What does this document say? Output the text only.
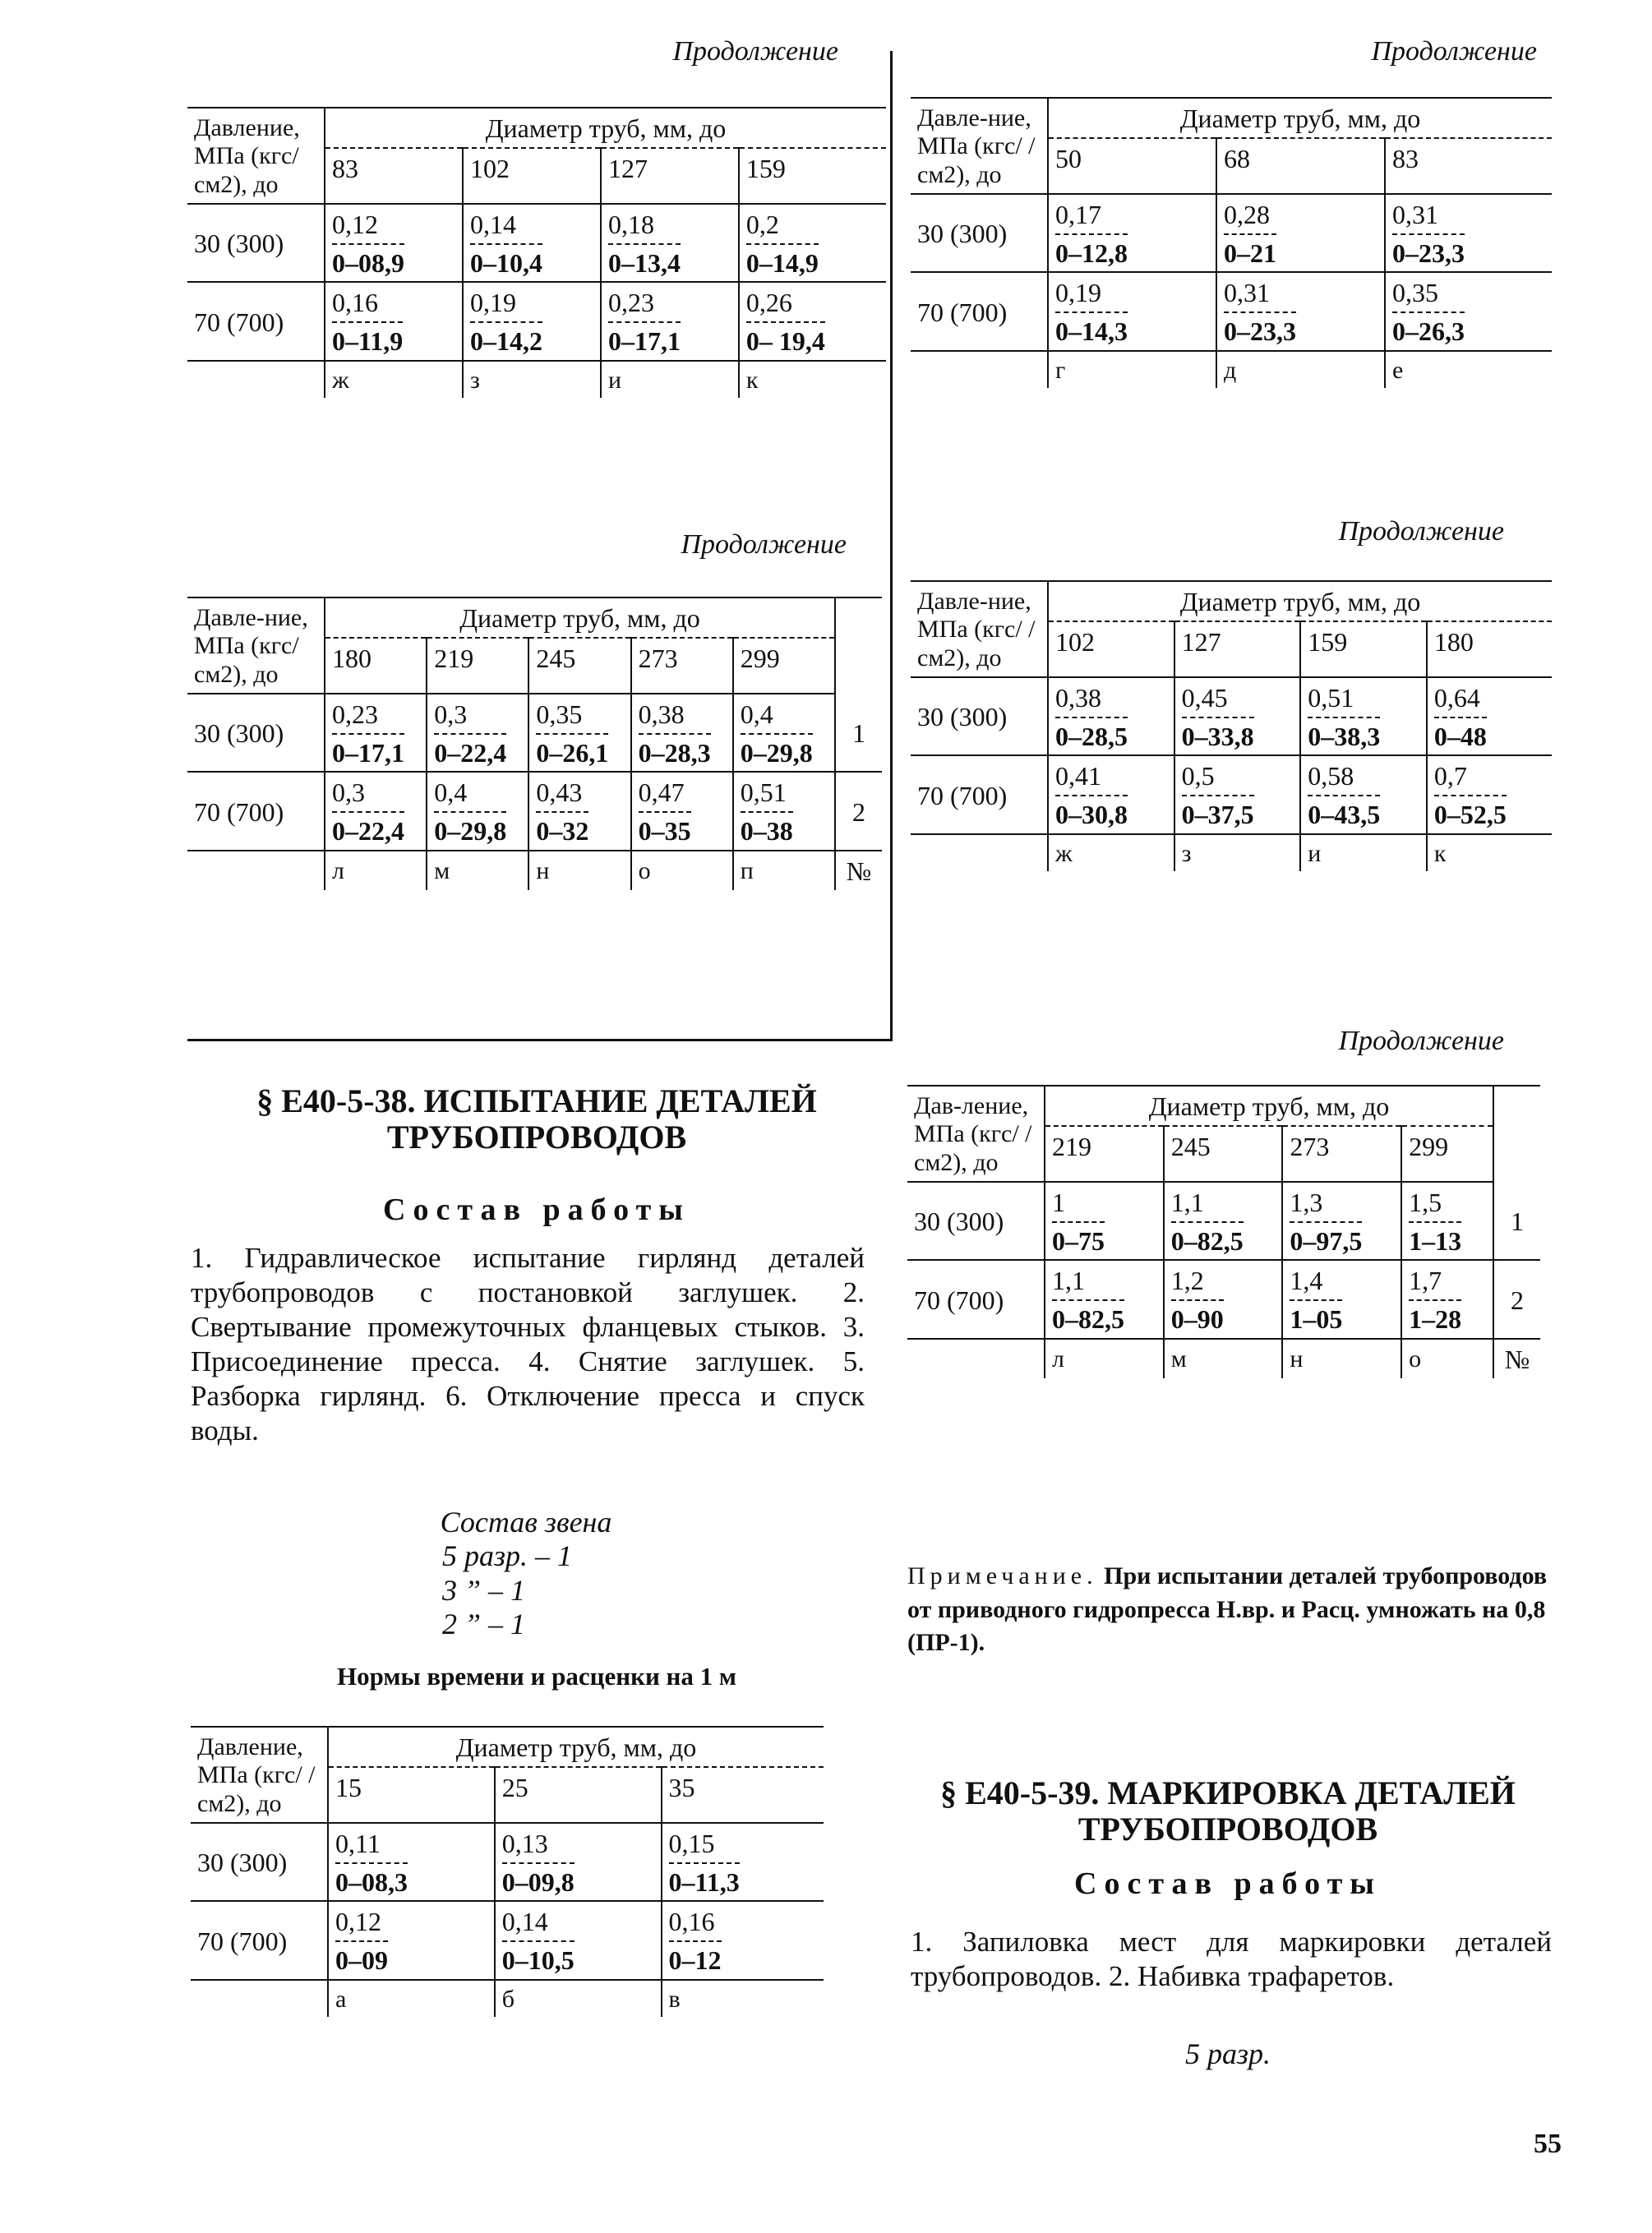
Продолжение
Давление, МПа (кгс/см2), до	Диаметр труб, мм, до			
	83	102	127	159
30 (300)	$\frac{0,12}{0-08,9}$	$\frac{0,14}{0-10,4}$	$\frac{0,18}{0-13,4}$	$\frac{0,2}{0-14,9}$

70 (700)	$\frac{0,16}{0-11,9}$	$\frac{0,19}{0-14,2}$	$\frac{0,23}{0-17,1}$	$\frac{0,26}{0- 19,4}$

	ж	з	и	к
Продолжение
Давле-ние, МПа (кгс/ см2), до	Диаметр труб, мм, до					
	180	219	245	273	299	
30 (300)	$\frac{0,23}{0-17,1}$	$\frac{0,3}{0-22,4}$	$\frac{0,35}{0-26,1}$	$\frac{0,38}{0-28,3}$	$\frac{0,4}{0-29,8}$	1
70 (700)	$\frac{0,3}{0-22,4}$	$\frac{0,4}{0-29,8}$	$\frac{0,43}{0-32}$	$\frac{0,47}{0-35}$	$\frac{0,51}{0-38}$	2
	л	м	н	о	п	№
Продолжение
Давле-ние, МПа (кгс/ /см2), до	Диаметр труб, мм, до		
	50	68	83
30 (300)	$\frac{0,17}{0-12,8}$	$\frac{0,28}{0-21}$	$\frac{0,31}{0-23,3}$

70 (700)	$\frac{0,19}{0-14,3}$	$\frac{0,31}{0-23,3}$	$\frac{0,35}{0-26,3}$

	г	д	е
Продолжение
Давле-ние, МПа (кгс/ /см2), до	Диаметр труб, мм, до			
	102	127	159	180
30 (300)	$\frac{0,38}{0-28,5}$	$\frac{0,45}{0-33,8}$	$\frac{0,51}{0-38,3}$	$\frac{0,64}{0-48}$

70 (700)	$\frac{0,41}{0-30,8}$	$\frac{0,5}{0-37,5}$	$\frac{0,58}{0-43,5}$	$\frac{0,7}{0-52,5}$

	ж	з	и	к
Продолжение
Дав-ление, МПа (кгс/ /см2), до	Диаметр труб, мм, до				
	219	245	273	299	
30 (300)	$\frac{1}{0-75}$	$\frac{1,1}{0-82,5}$	$\frac{1,3}{0-97,5}$	$\frac{1,5}{1-13}$	1
70 (700)	$\frac{1,1}{0-82,5}$	$\frac{1,2}{0-90}$	$\frac{1,4}{1-05}$	$\frac{1,7}{1-28}$	2
	л	м	н	о	№
§ Е40-5-38. ИСПЫТАНИЕ ДЕТАЛЕЙ
ТРУБОПРОВОДОВ
Состав работы
1. Гидравлическое испытание гирлянд деталей трубопроводов с постановкой заглушек. 2. Свертывание промежуточных фланцевых стыков. 3. Присоединение пресса. 4. Снятие заглушек. 5. Разборка гирлянд. 6. Отключение пресса и спуск воды.
Состав звена
5 разр. – 1
3 ” – 1
2 ” – 1
Нормы времени и расценки на 1 м
Давление, МПа (кгс/ /см2), до	Диаметр труб, мм, до		
	15	25	35
30 (300)	$\frac{0,11}{0-08,3}$	$\frac{0,13}{0-09,8}$	$\frac{0,15}{0-11,3}$

70 (700)	$\frac{0,12}{0-09}$	$\frac{0,14}{0-10,5}$	$\frac{0,16}{0-12}$

	а	б	в
Примечание. При испытании деталей трубопроводов от приводного гидропресса Н.вр. и Расц. умножать на 0,8 (ПР-1).
§ Е40-5-39. МАРКИРОВКА ДЕТАЛЕЙ
ТРУБОПРОВОДОВ
Состав работы
1. Запиловка мест для маркировки деталей трубопроводов. 2. Набивка трафаретов.
5 разр.
55
